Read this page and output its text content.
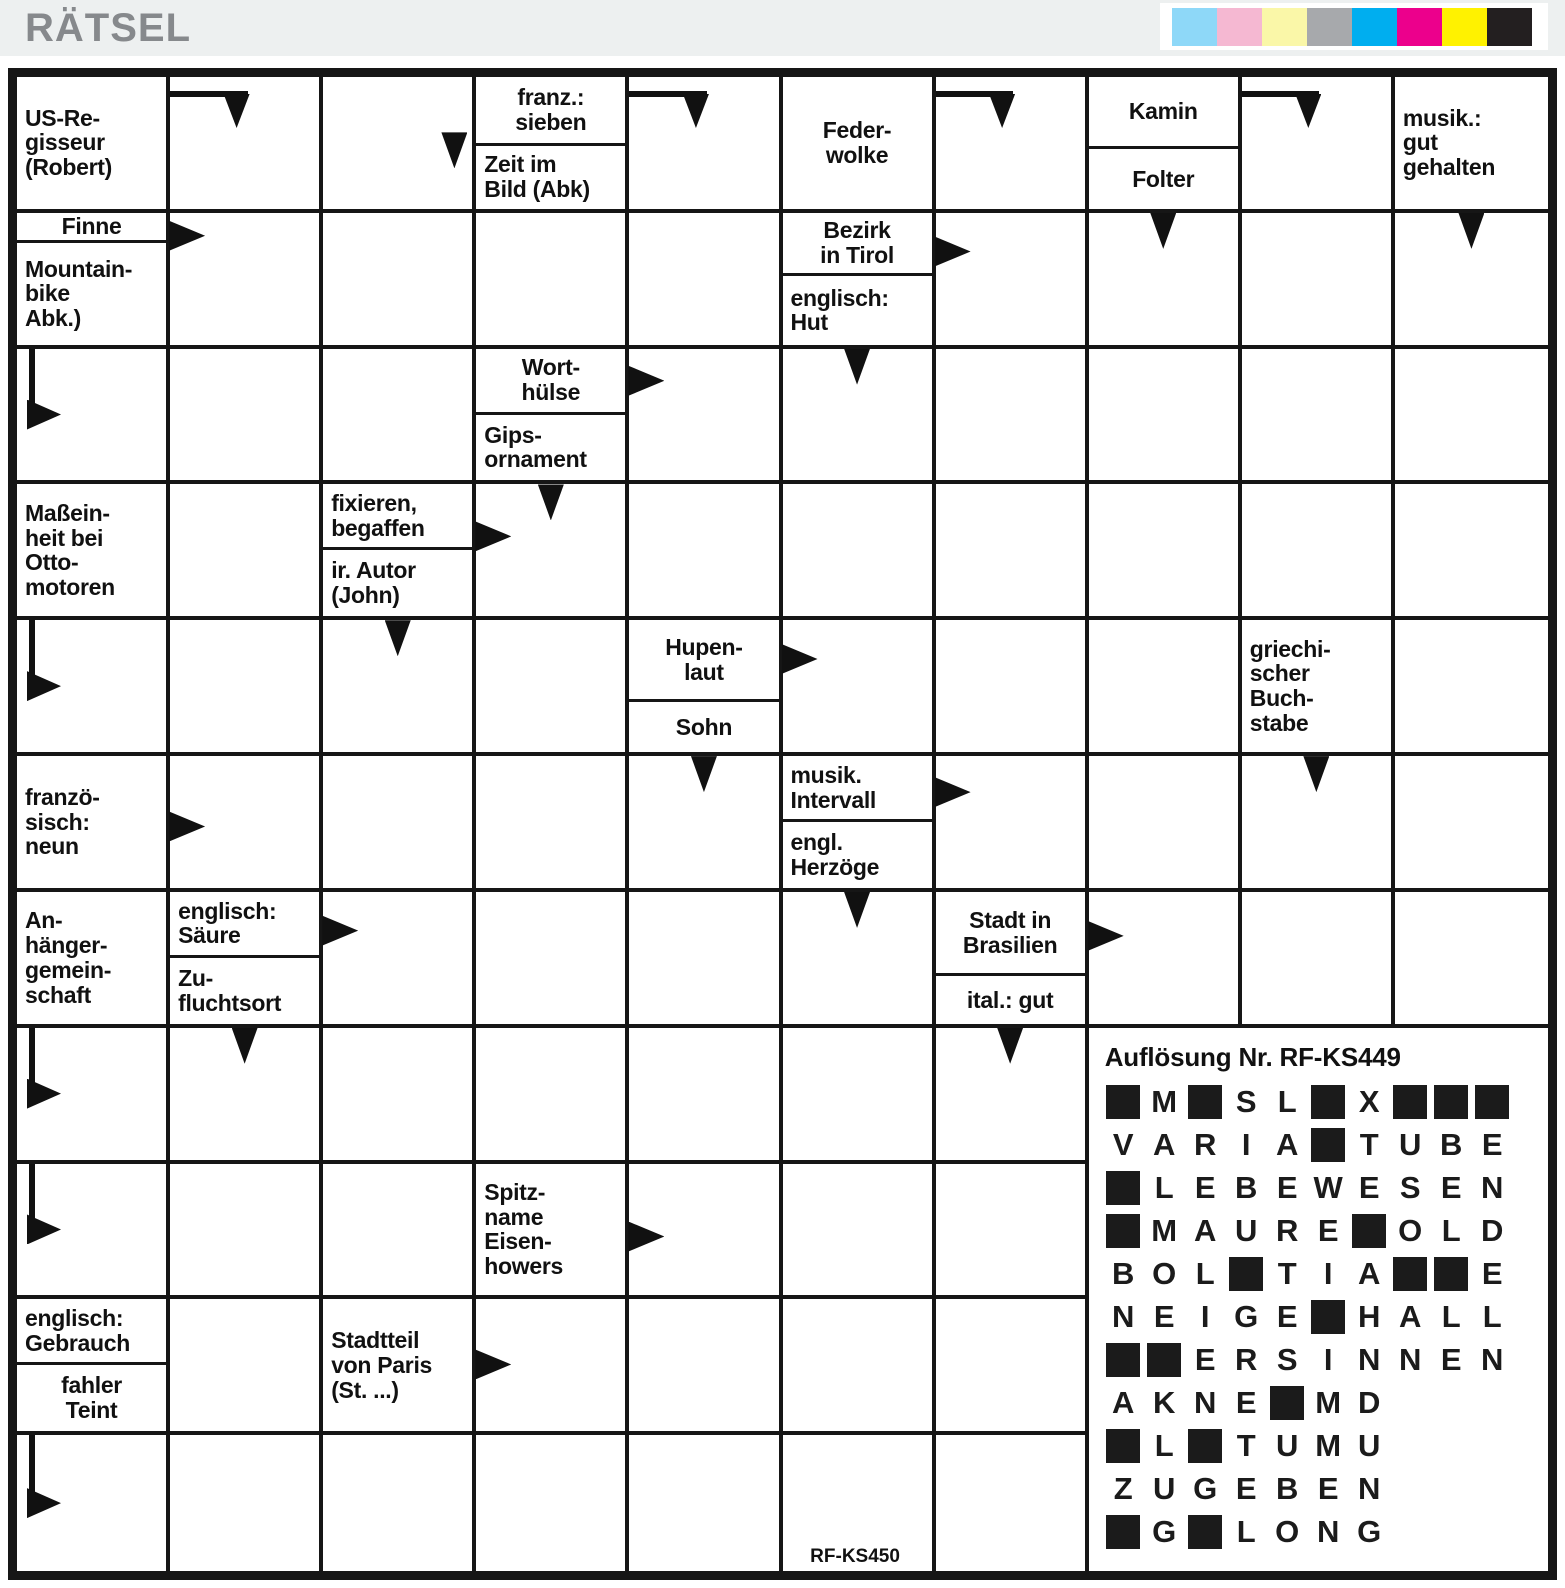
RÄTSEL
US-Re-
gisseur
(Robert)
franz.:
sieben
Zeit im
Bild (Abk)
Feder-
wolke
Kamin
Folter
musik.:
gut
gehalten
Finne
Mountain-
bike
Abk.)
Bezirk
in Tirol
englisch:
Hut
Wort-
hülse
Gips-
ornament
Maßein-
heit bei
Otto-
motoren
fixieren,
begaffen
ir. Autor
(John)
Hupen-
laut
Sohn
griechi-
scher
Buch-
stabe
franzö-
sisch:
neun
musik.
Intervall
engl.
Herzöge
An-
hänger-
gemein-
schaft
englisch:
Säure
Zu-
fluchtsort
Stadt in
Brasilien
ital.: gut
Spitz-
name
Eisen-
howers
englisch:
Gebrauch
fahler
Teint
Stadtteil
von Paris
(St. ...)
RF-KS450
Auflösung Nr. RF-KS449
M S L X
V A R I A T U B E
L E B E W E S E N
M A U R E O L D
B O L T I A	E
N E I G E H A L L
E R S I N N E N
A K N E M D
L T U M U
Z U G E B E N
G L O N G
